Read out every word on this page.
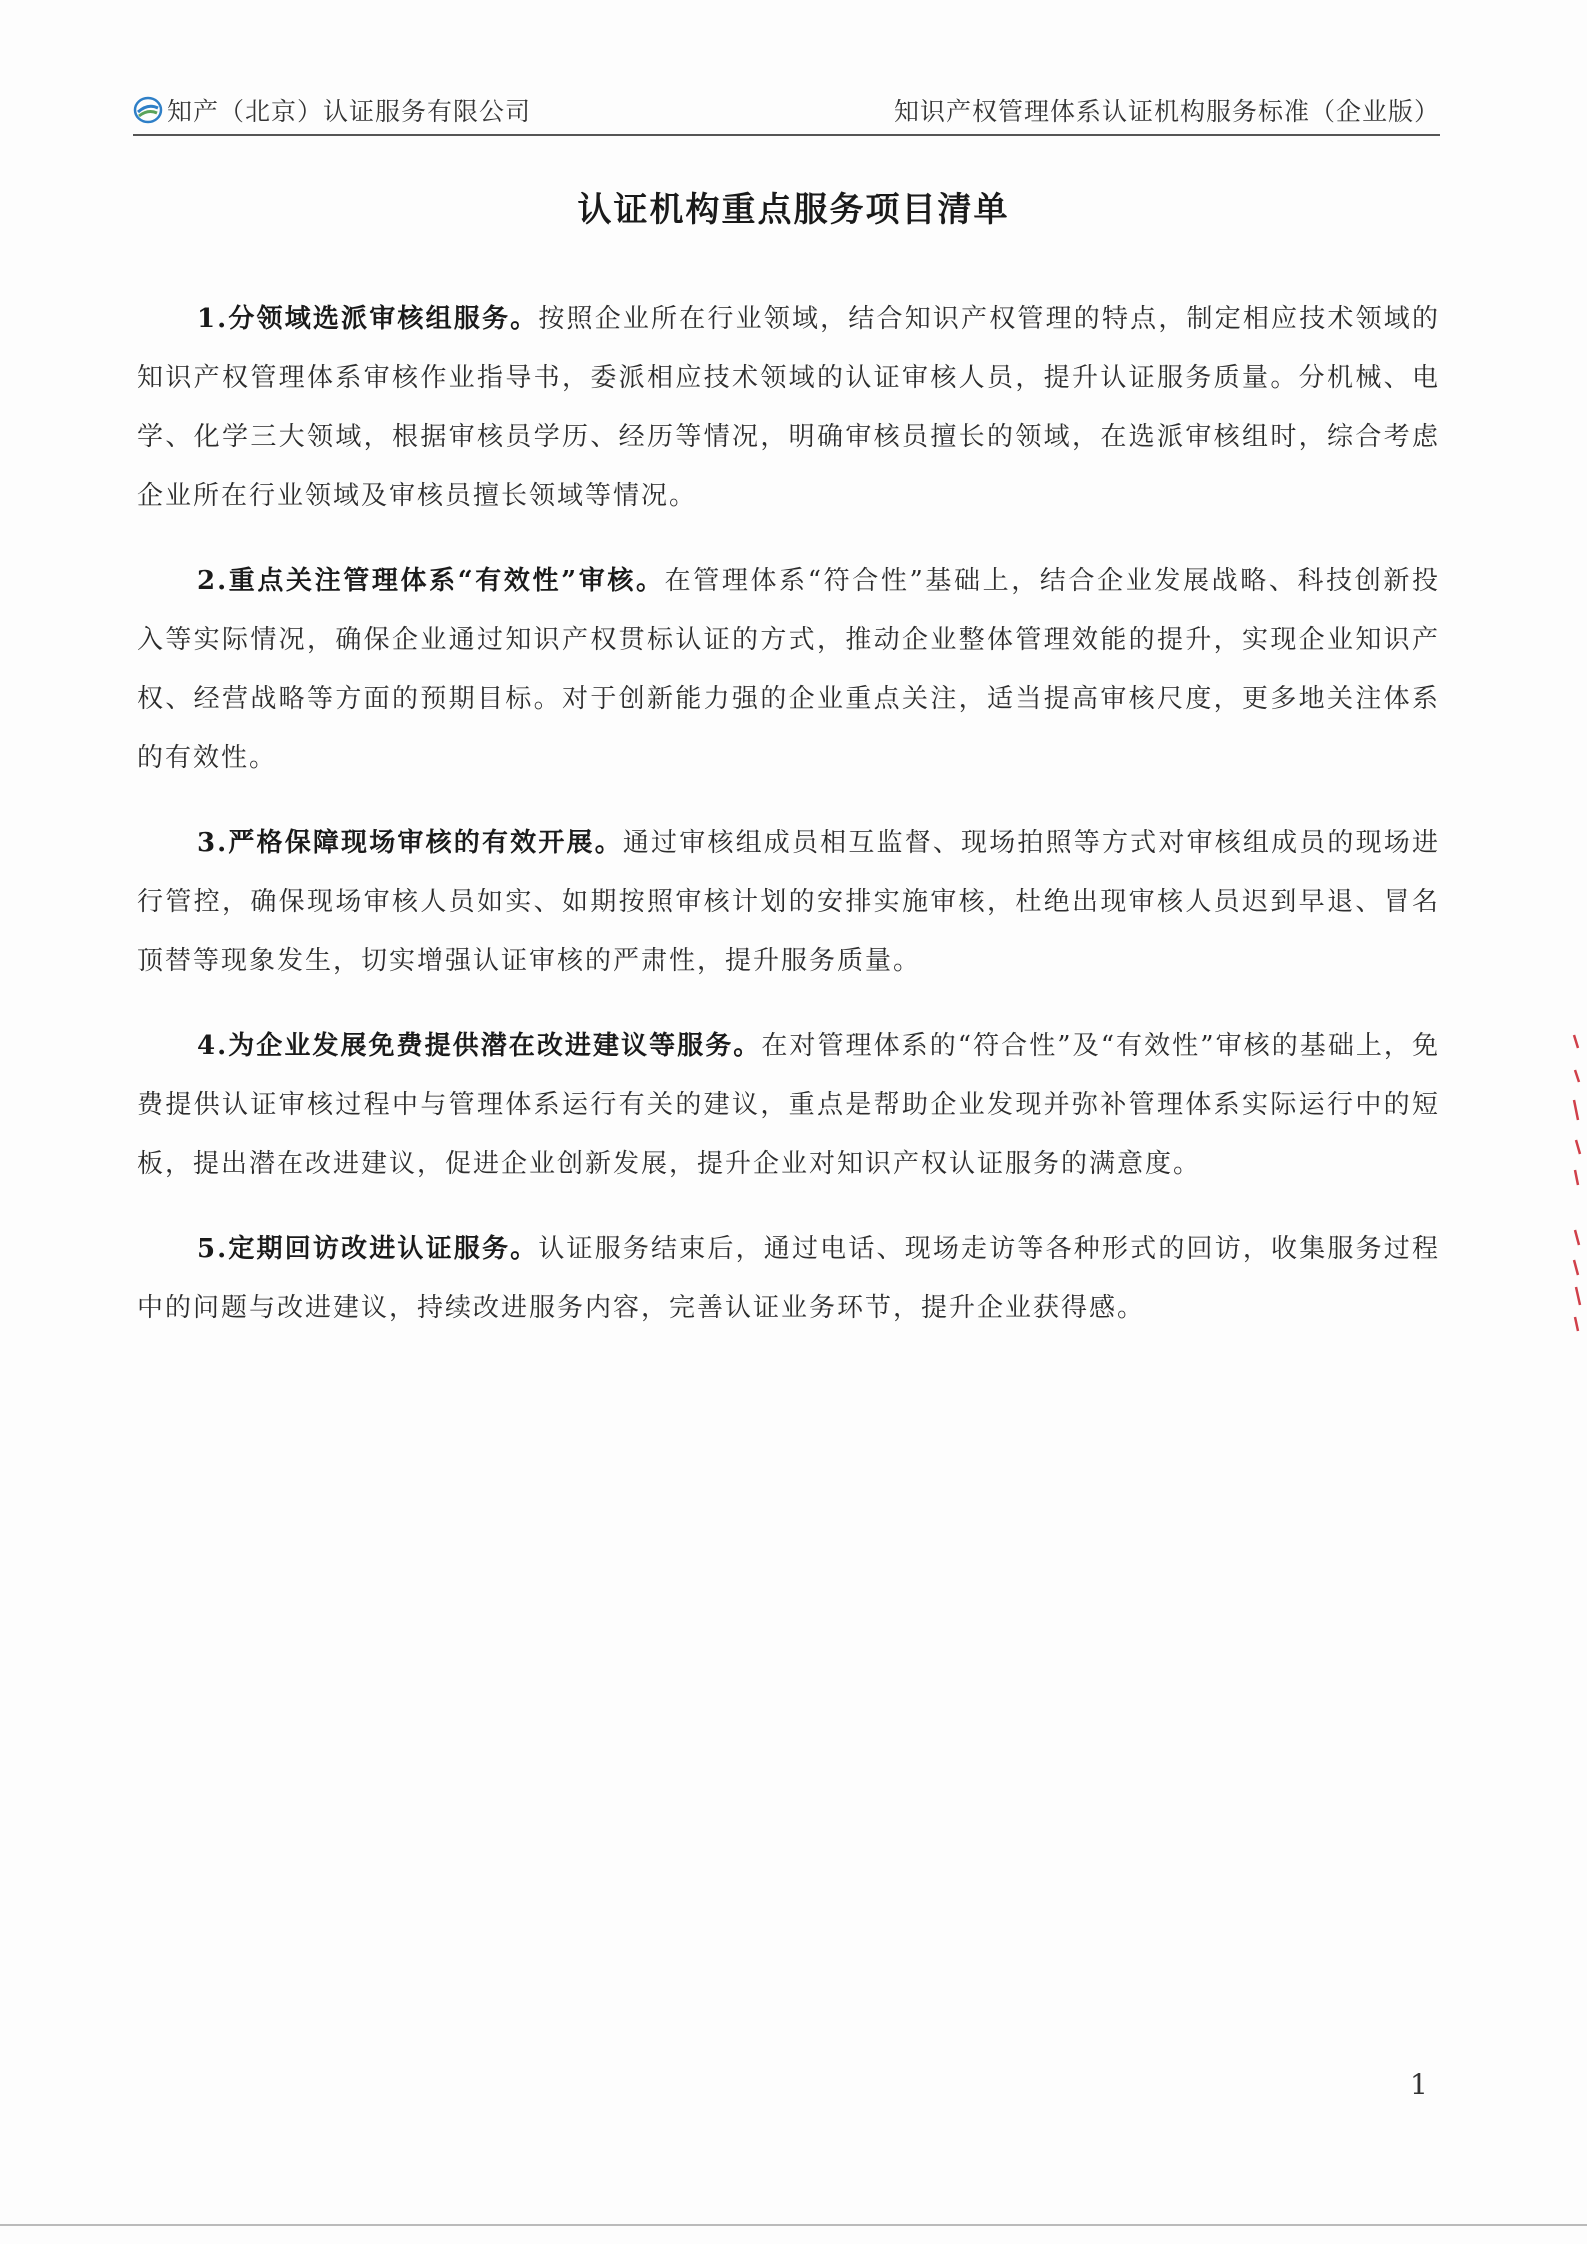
知产（北京）认证服务有限公司	知识产权管理体系认证机构服务标准（企业版）
认证机构重点服务项目清单

1.分领域选派审核组服务。按照企业所在行业领域，结合知识产权管理的特点，制定相应技术领域的知识产权管理体系审核作业指导书，委派相应技术领域的认证审核人员，提升认证服务质量。分机械、电学、化学三大领域，根据审核员学历、经历等情况，明确审核员擅长的领域，在选派审核组时，综合考虑企业所在行业领域及审核员擅长领域等情况。

2.重点关注管理体系“有效性”审核。在管理体系“符合性”基础上，结合企业发展战略、科技创新投入等实际情况，确保企业通过知识产权贯标认证的方式，推动企业整体管理效能的提升，实现企业知识产权、经营战略等方面的预期目标。对于创新能力强的企业重点关注，适当提高审核尺度，更多地关注体系的有效性。

3.严格保障现场审核的有效开展。通过审核组成员相互监督、现场拍照等方式对审核组成员的现场进行管控，确保现场审核人员如实、如期按照审核计划的安排实施审核，杜绝出现审核人员迟到早退、冒名顶替等现象发生，切实增强认证审核的严肃性，提升服务质量。

4.为企业发展免费提供潜在改进建议等服务。在对管理体系的“符合性”及“有效性”审核的基础上，免费提供认证审核过程中与管理体系运行有关的建议，重点是帮助企业发现并弥补管理体系实际运行中的短板，提出潜在改进建议，促进企业创新发展，提升企业对知识产权认证服务的满意度。

5.定期回访改进认证服务。认证服务结束后，通过电话、现场走访等各种形式的回访，收集服务过程中的问题与改进建议，持续改进服务内容，完善认证业务环节，提升企业获得感。

1
